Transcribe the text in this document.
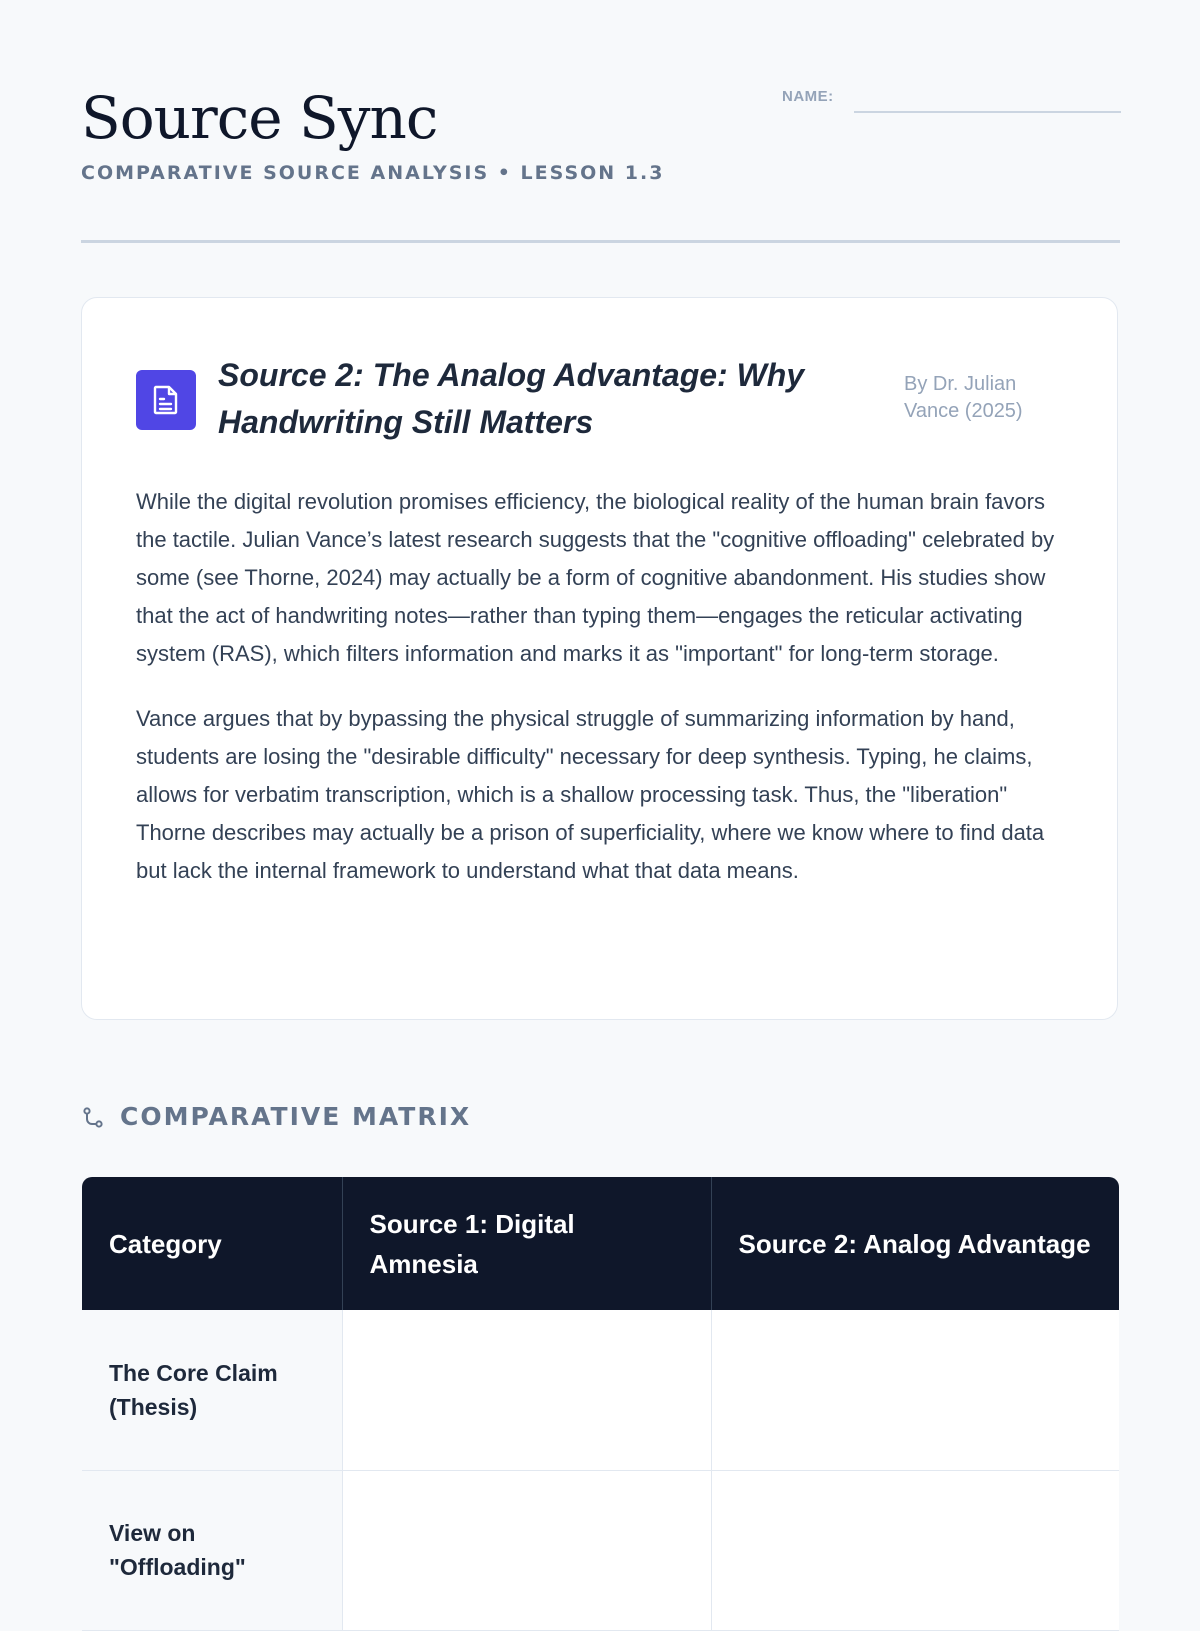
Source Sync
COMPARATIVE SOURCE ANALYSIS • LESSON 1.3
NAME:
Source 2: The Analog Advantage: Why Handwriting Still Matters
By Dr. Julian Vance (2025)

While the digital revolution promises efficiency, the biological reality of the human brain favors the tactile. Julian Vance’s latest research suggests that the "cognitive offloading" celebrated by some (see Thorne, 2024) may actually be a form of cognitive abandonment. His studies show that the act of handwriting notes—rather than typing them—engages the reticular activating system (RAS), which filters information and marks it as "important" for long-term storage.

Vance argues that by bypassing the physical struggle of summarizing information by hand, students are losing the "desirable difficulty" necessary for deep synthesis. Typing, he claims, allows for verbatim transcription, which is a shallow processing task. Thus, the "liberation" Thorne describes may actually be a prison of superficiality, where we know where to find data but lack the internal framework to understand what that data means.

COMPARATIVE MATRIX
Category	Source 1: Digital Amnesia	Source 2: Analog Advantage
The Core Claim (Thesis)		
View on "Offloading"		
